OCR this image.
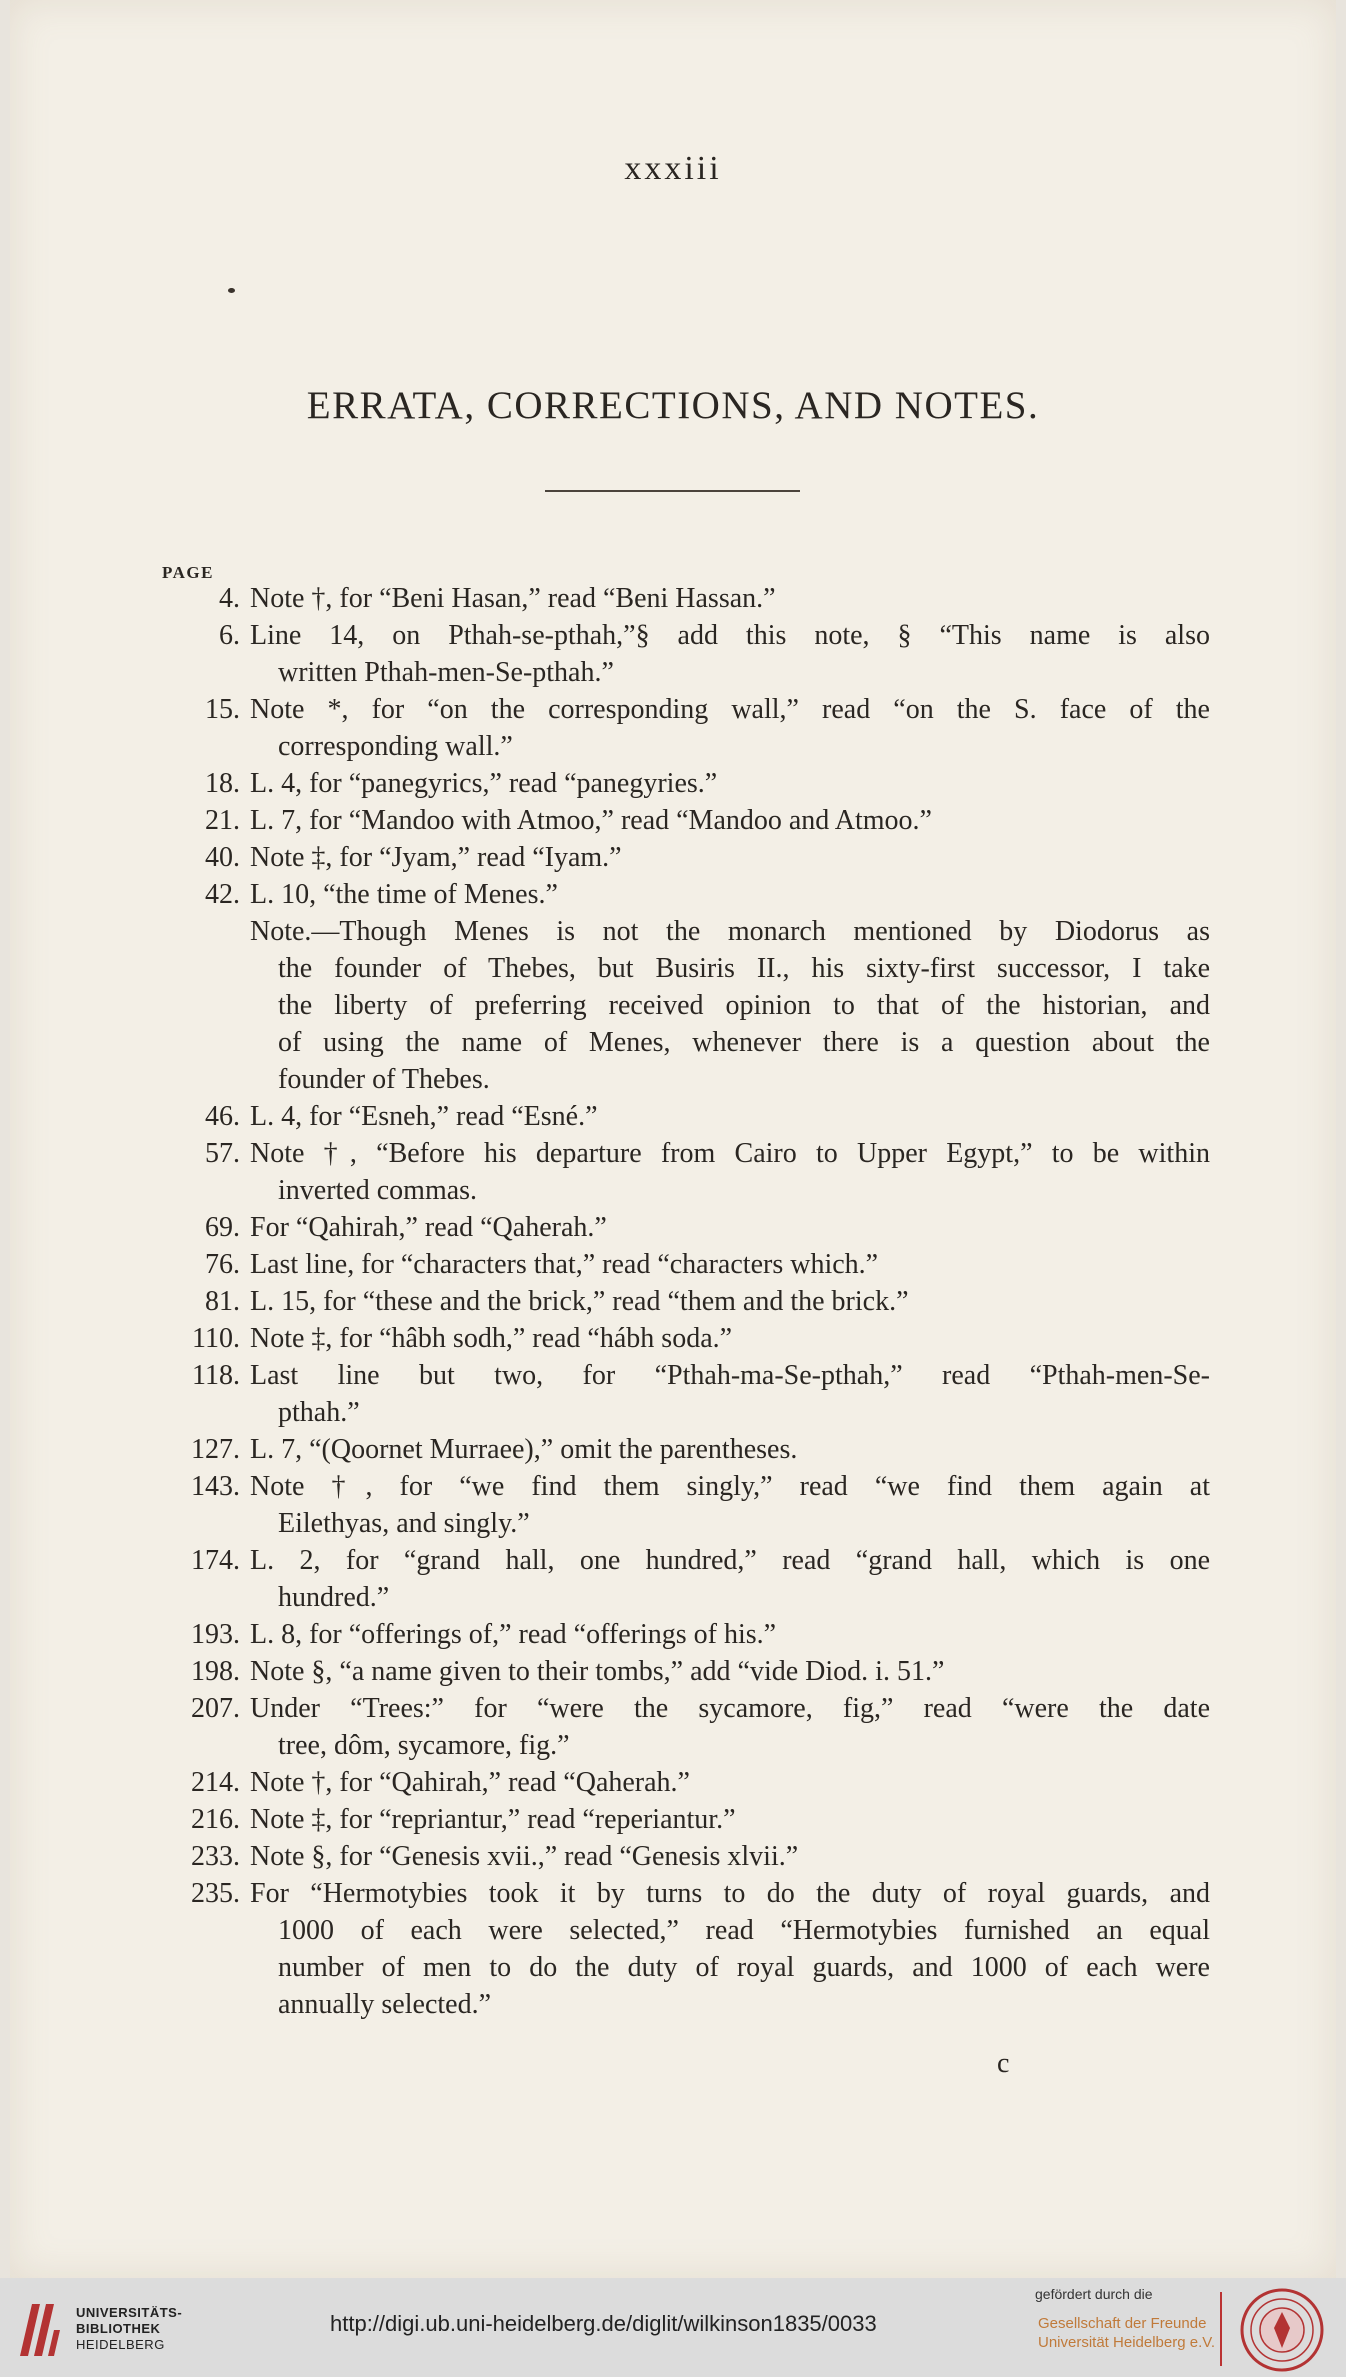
xxxiii
ERRATA, CORRECTIONS, AND NOTES.
PAGE
4. Note †, for “Beni Hasan,” read “Beni Hassan.”
6. Line 14, on Pthah-se-pthah,”§ add this note, § “This name is also
written Pthah-men-Se-pthah.”
15. Note *, for “on the corresponding wall,” read “on the S. face of the
corresponding wall.”
18. L. 4, for “panegyrics,” read “panegyries.”
21. L. 7, for “Mandoo with Atmoo,” read “Mandoo and Atmoo.”
40. Note ‡, for “Jyam,” read “Iyam.”
42. L. 10, “the time of Menes.”
Note.—Though Menes is not the monarch mentioned by Diodorus as
the founder of Thebes, but Busiris II., his sixty-first successor, I take
the liberty of preferring received opinion to that of the historian, and
of using the name of Menes, whenever there is a question about the
founder of Thebes.
46. L. 4, for “Esneh,” read “Esné.”
57. Note †, “Before his departure from Cairo to Upper Egypt,” to be within
inverted commas.
69. For “Qahirah,” read “Qaherah.”
76. Last line, for “characters that,” read “characters which.”
81. L. 15, for “these and the brick,” read “them and the brick.”
110. Note ‡, for “hâbh sodh,” read “hábh soda.”
118. Last line but two, for “Pthah-ma-Se-pthah,” read “Pthah-men-Se-
pthah.”
127. L. 7, “(Qoornet Murraee),” omit the parentheses.
143. Note †, for “we find them singly,” read “we find them again at
Eilethyas, and singly.”
174. L. 2, for “grand hall, one hundred,” read “grand hall, which is one
hundred.”
193. L. 8, for “offerings of,” read “offerings of his.”
198. Note §, “a name given to their tombs,” add “vide Diod. i. 51.”
207. Under “Trees:” for “were the sycamore, fig,” read “were the date
tree, dôm, sycamore, fig.”
214. Note †, for “Qahirah,” read “Qaherah.”
216. Note ‡, for “repriantur,” read “reperiantur.”
233. Note §, for “Genesis xvii.,” read “Genesis xlvii.”
235. For “Hermotybies took it by turns to do the duty of royal guards, and
1000 of each were selected,” read “Hermotybies furnished an equal
number of men to do the duty of royal guards, and 1000 of each were
annually selected.”
c
UNIVERSITÄTS-
BIBLIOTHEK
HEIDELBERG
http://digi.ub.uni-heidelberg.de/diglit/wilkinson1835/0033
gefördert durch die
Gesellschaft der Freunde
Universität Heidelberg e.V.
